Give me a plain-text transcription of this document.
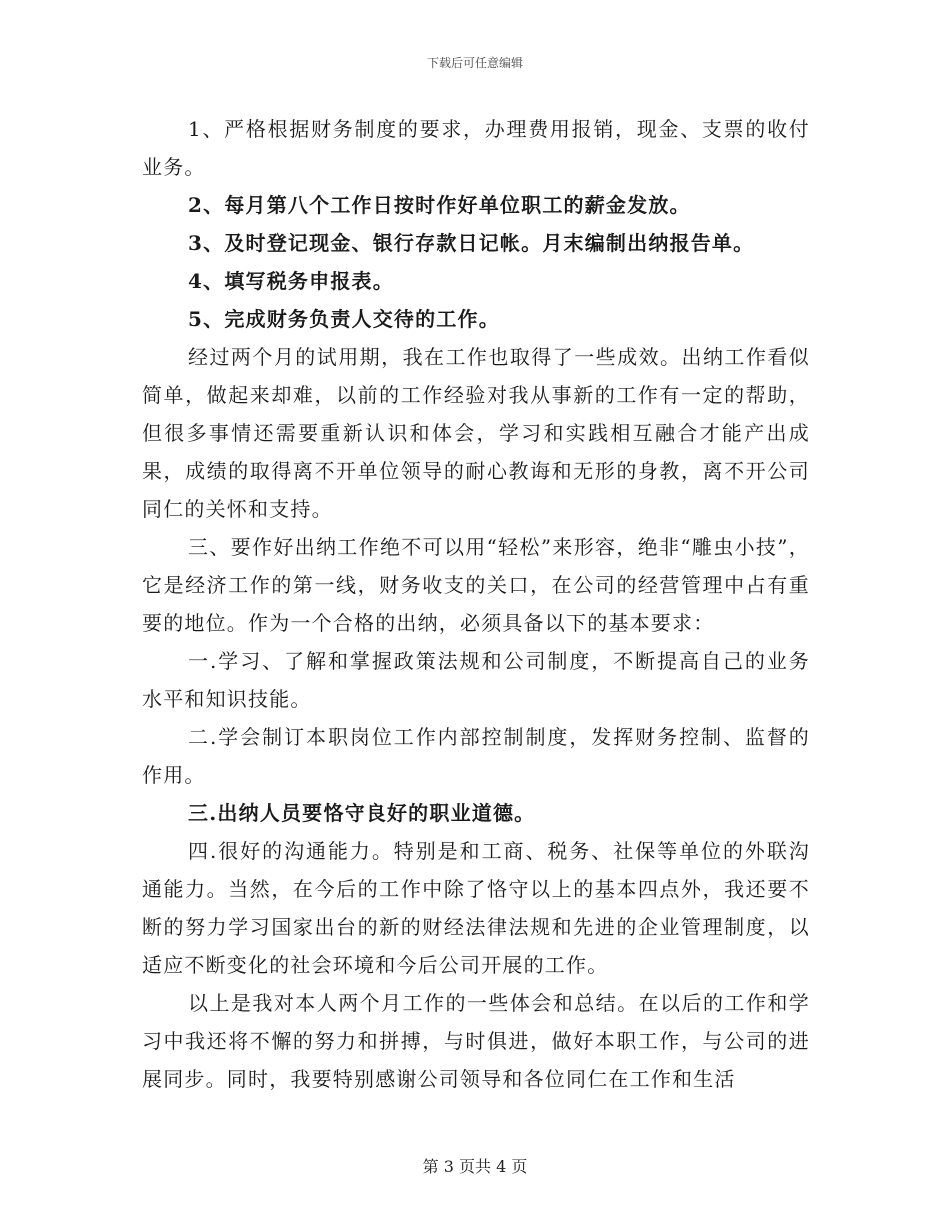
下载后可任意编辑

1、严格根据财务制度的要求，办理费用报销，现金、支票的收付业务。

2、每月第八个工作日按时作好单位职工的薪金发放。

3、及时登记现金、银行存款日记帐。月末编制出纳报告单。

4、填写税务申报表。

5、完成财务负责人交待的工作。

经过两个月的试用期，我在工作也取得了一些成效。出纳工作看似简单，做起来却难，以前的工作经验对我从事新的工作有一定的帮助，但很多事情还需要重新认识和体会，学习和实践相互融合才能产出成果，成绩的取得离不开单位领导的耐心教诲和无形的身教，离不开公司同仁的关怀和支持。

三、要作好出纳工作绝不可以用“轻松”来形容，绝非“雕虫小技”，它是经济工作的第一线，财务收支的关口，在公司的经营管理中占有重要的地位。作为一个合格的出纳，必须具备以下的基本要求：

一.学习、了解和掌握政策法规和公司制度，不断提高自己的业务水平和知识技能。

二.学会制订本职岗位工作内部控制制度，发挥财务控制、监督的作用。

三.出纳人员要恪守良好的职业道德。

四.很好的沟通能力。特别是和工商、税务、社保等单位的外联沟通能力。当然，在今后的工作中除了恪守以上的基本四点外，我还要不断的努力学习国家出台的新的财经法律法规和先进的企业管理制度，以适应不断变化的社会环境和今后公司开展的工作。

以上是我对本人两个月工作的一些体会和总结。在以后的工作和学习中我还将不懈的努力和拼搏，与时俱进，做好本职工作，与公司的进展同步。同时，我要特别感谢公司领导和各位同仁在工作和生活

第 3 页共 4 页
